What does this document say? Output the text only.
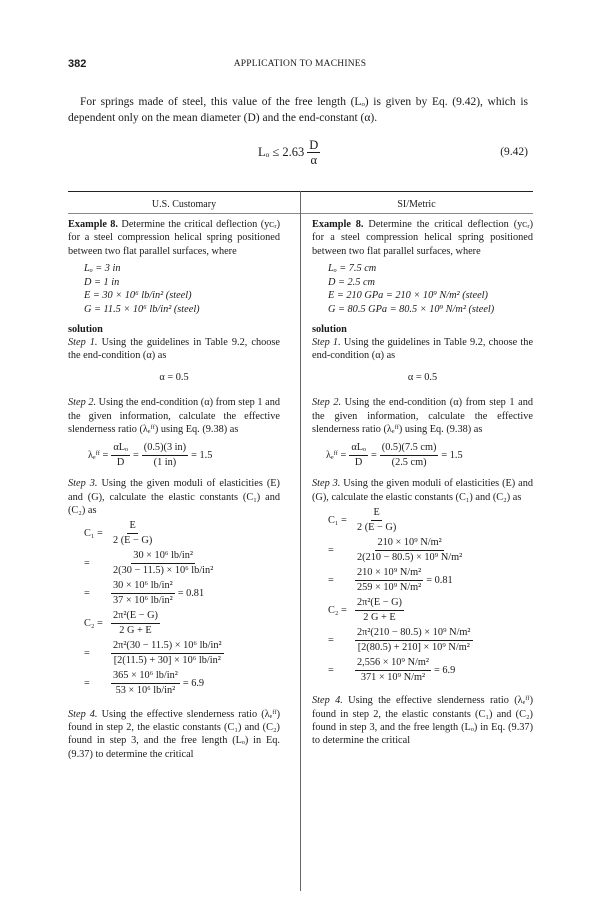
382	APPLICATION TO MACHINES

For springs made of steel, this value of the free length (Lₒ) is given by Eq. (9.42), which is dependent only on the mean diameter (D) and the end-constant (α).

$L_o \le 2.63 \frac{D}{\alpha}$	(9.42)
U.S. Customary	SI/Metric

Example 8. Determine the critical deflection (yᴄᵣ) for a steel compression helical spring positioned between two flat parallel surfaces, where

Lₒ = 3 in
D = 1 in
E = 30 × 10⁶ lb/in² (steel)
G = 11.5 × 10⁶ lb/in² (steel)

solution

Step 1. Using the guidelines in Table 9.2, choose the end-condition (α) as

α = 0.5

Step 2. Using the end-condition (α) from step 1 and the given information, calculate the effective slenderness ratio (λₑᶠᶠ) using Eq. (9.38) as

λₑᶠᶠ = $\frac{\text{αLₒ}}{D} = \frac{(0.5)(3 in)}{(1 in)} = 1.5$

Step 3. Using the given moduli of elasticities (E) and (G), calculate the elastic constants (C₁) and (C₂) as

$C_1 = \frac{E}{2 (E - G)}$
=	$\frac{\text{30 × 10⁶ lb/in²}}{\text{2(30 − 11.5) × 10⁶ lb/in²}}$
=	$\frac{\text{30 × 10⁶ lb/in²}}{\text{37 × 10⁶ lb/in²}} = 0.81$
$C_2 = \frac{\text{2π²(E − G)}}{2 G + E}$
=	$\frac{\text{2π²(30 − 11.5) × 10⁶ lb/in²}}{\text{[2(11.5) + 30] × 10⁶ lb/in²}}$
=	$\frac{\text{365 × 10⁶ lb/in²}}{\text{53 × 10⁶ lb/in²}} = 6.9$

Step 4. Using the effective slenderness ratio (λₑᶠᶠ) found in step 2, the elastic constants (C₁) and (C₂) found in step 3, and the free length (Lₒ) in Eq. (9.37) to determine the critical

Example 8. Determine the critical deflection (yᴄᵣ) for a steel compression helical spring positioned between two flat parallel surfaces, where

Lₒ = 7.5 cm
D = 2.5 cm
E = 210 GPa = 210 × 10⁹ N/m² (steel)
G = 80.5 GPa = 80.5 × 10⁹ N/m² (steel)

solution

Step 1. Using the guidelines in Table 9.2, choose the end-condition (α) as

α = 0.5

Step 2. Using the end-condition (α) from step 1 and the given information, calculate the effective slenderness ratio (λₑᶠᶠ) using Eq. (9.38) as

λₑᶠᶠ = $\frac{\text{αLₒ}}{D} = \frac{(0.5)(7.5 cm)}{(2.5 cm)} = 1.5$

Step 3. Using the given moduli of elasticities (E) and (G), calculate the elastic constants (C₁) and (C₂) as

$C_1 = \frac{E}{2 (E - G)}$
=	$\frac{\text{210 × 10⁹ N/m²}}{\text{2(210 − 80.5) × 10⁹ N/m²}}$
=	$\frac{\text{210 × 10⁹ N/m²}}{\text{259 × 10⁹ N/m²}} = 0.81$
$C_2 = \frac{\text{2π²(E − G)}}{2 G + E}$
=	$\frac{\text{2π²(210 − 80.5) × 10⁹ N/m²}}{\text{[2(80.5) + 210] × 10⁹ N/m²}}$
=	$\frac{\text{2,556 × 10⁹ N/m²}}{\text{371 × 10⁹ N/m²}} = 6.9$

Step 4. Using the effective slenderness ratio (λₑᶠᶠ) found in step 2, the elastic constants (C₁) and (C₂) found in step 3, and the free length (Lₒ) in Eq. (9.37) to determine the critical
